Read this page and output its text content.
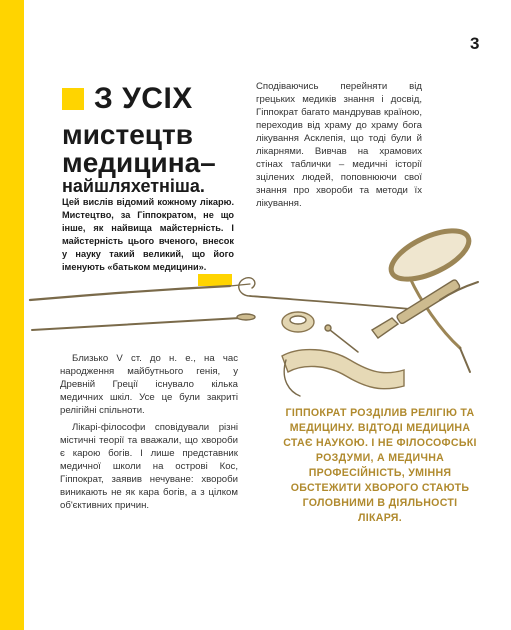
3
З УСІХ
мистецтв
медицина–
найшляхетніша.
Цей вислів відомий кожному лікарю. Мистецтво, за Гіппократом, не що інше, як найвища майстерність. І майстерність цього вченого, внесок у науку такий великий, що його іменують «батьком медицини».

Сподіваючись перейняти від грецьких медиків знання і досвід, Гіппократ багато мандрував країною, переходив від храму до храму бога лікування Асклепія, що тоді були й лікарнями. Вивчав на храмових стінах таблички – медичні історії зцілених людей, поповнюючи свої знання про хвороби та методи їх лікування.

Близько V ст. до н. е., на час народження майбутнього генія, у Древній Греції існувало кілька медичних шкіл. Усе це були закриті релігійні спільноти.

Лікарі-філософи сповідували різні містичні теорії та вважали, що хвороби є карою богів. І лише представник медичної школи на острові Кос, Гіппократ, заявив нечуване: хвороби виникають не як кара богів, а з цілком об'єктивних причин.

ГІППОКРАТ РОЗДІЛИВ РЕЛІГІЮ ТА МЕДИЦИНУ. ВІДТОДІ МЕДИЦИНА СТАЄ НАУКОЮ. І НЕ ФІЛОСОФСЬКІ РОЗДУМИ, А МЕДИЧНА ПРОФЕСІЙНІСТЬ, УМІННЯ ОБСТЕЖИТИ ХВОРОГО СТАЮТЬ ГОЛОВНИМИ В ДІЯЛЬНОСТІ ЛІКАРЯ.
